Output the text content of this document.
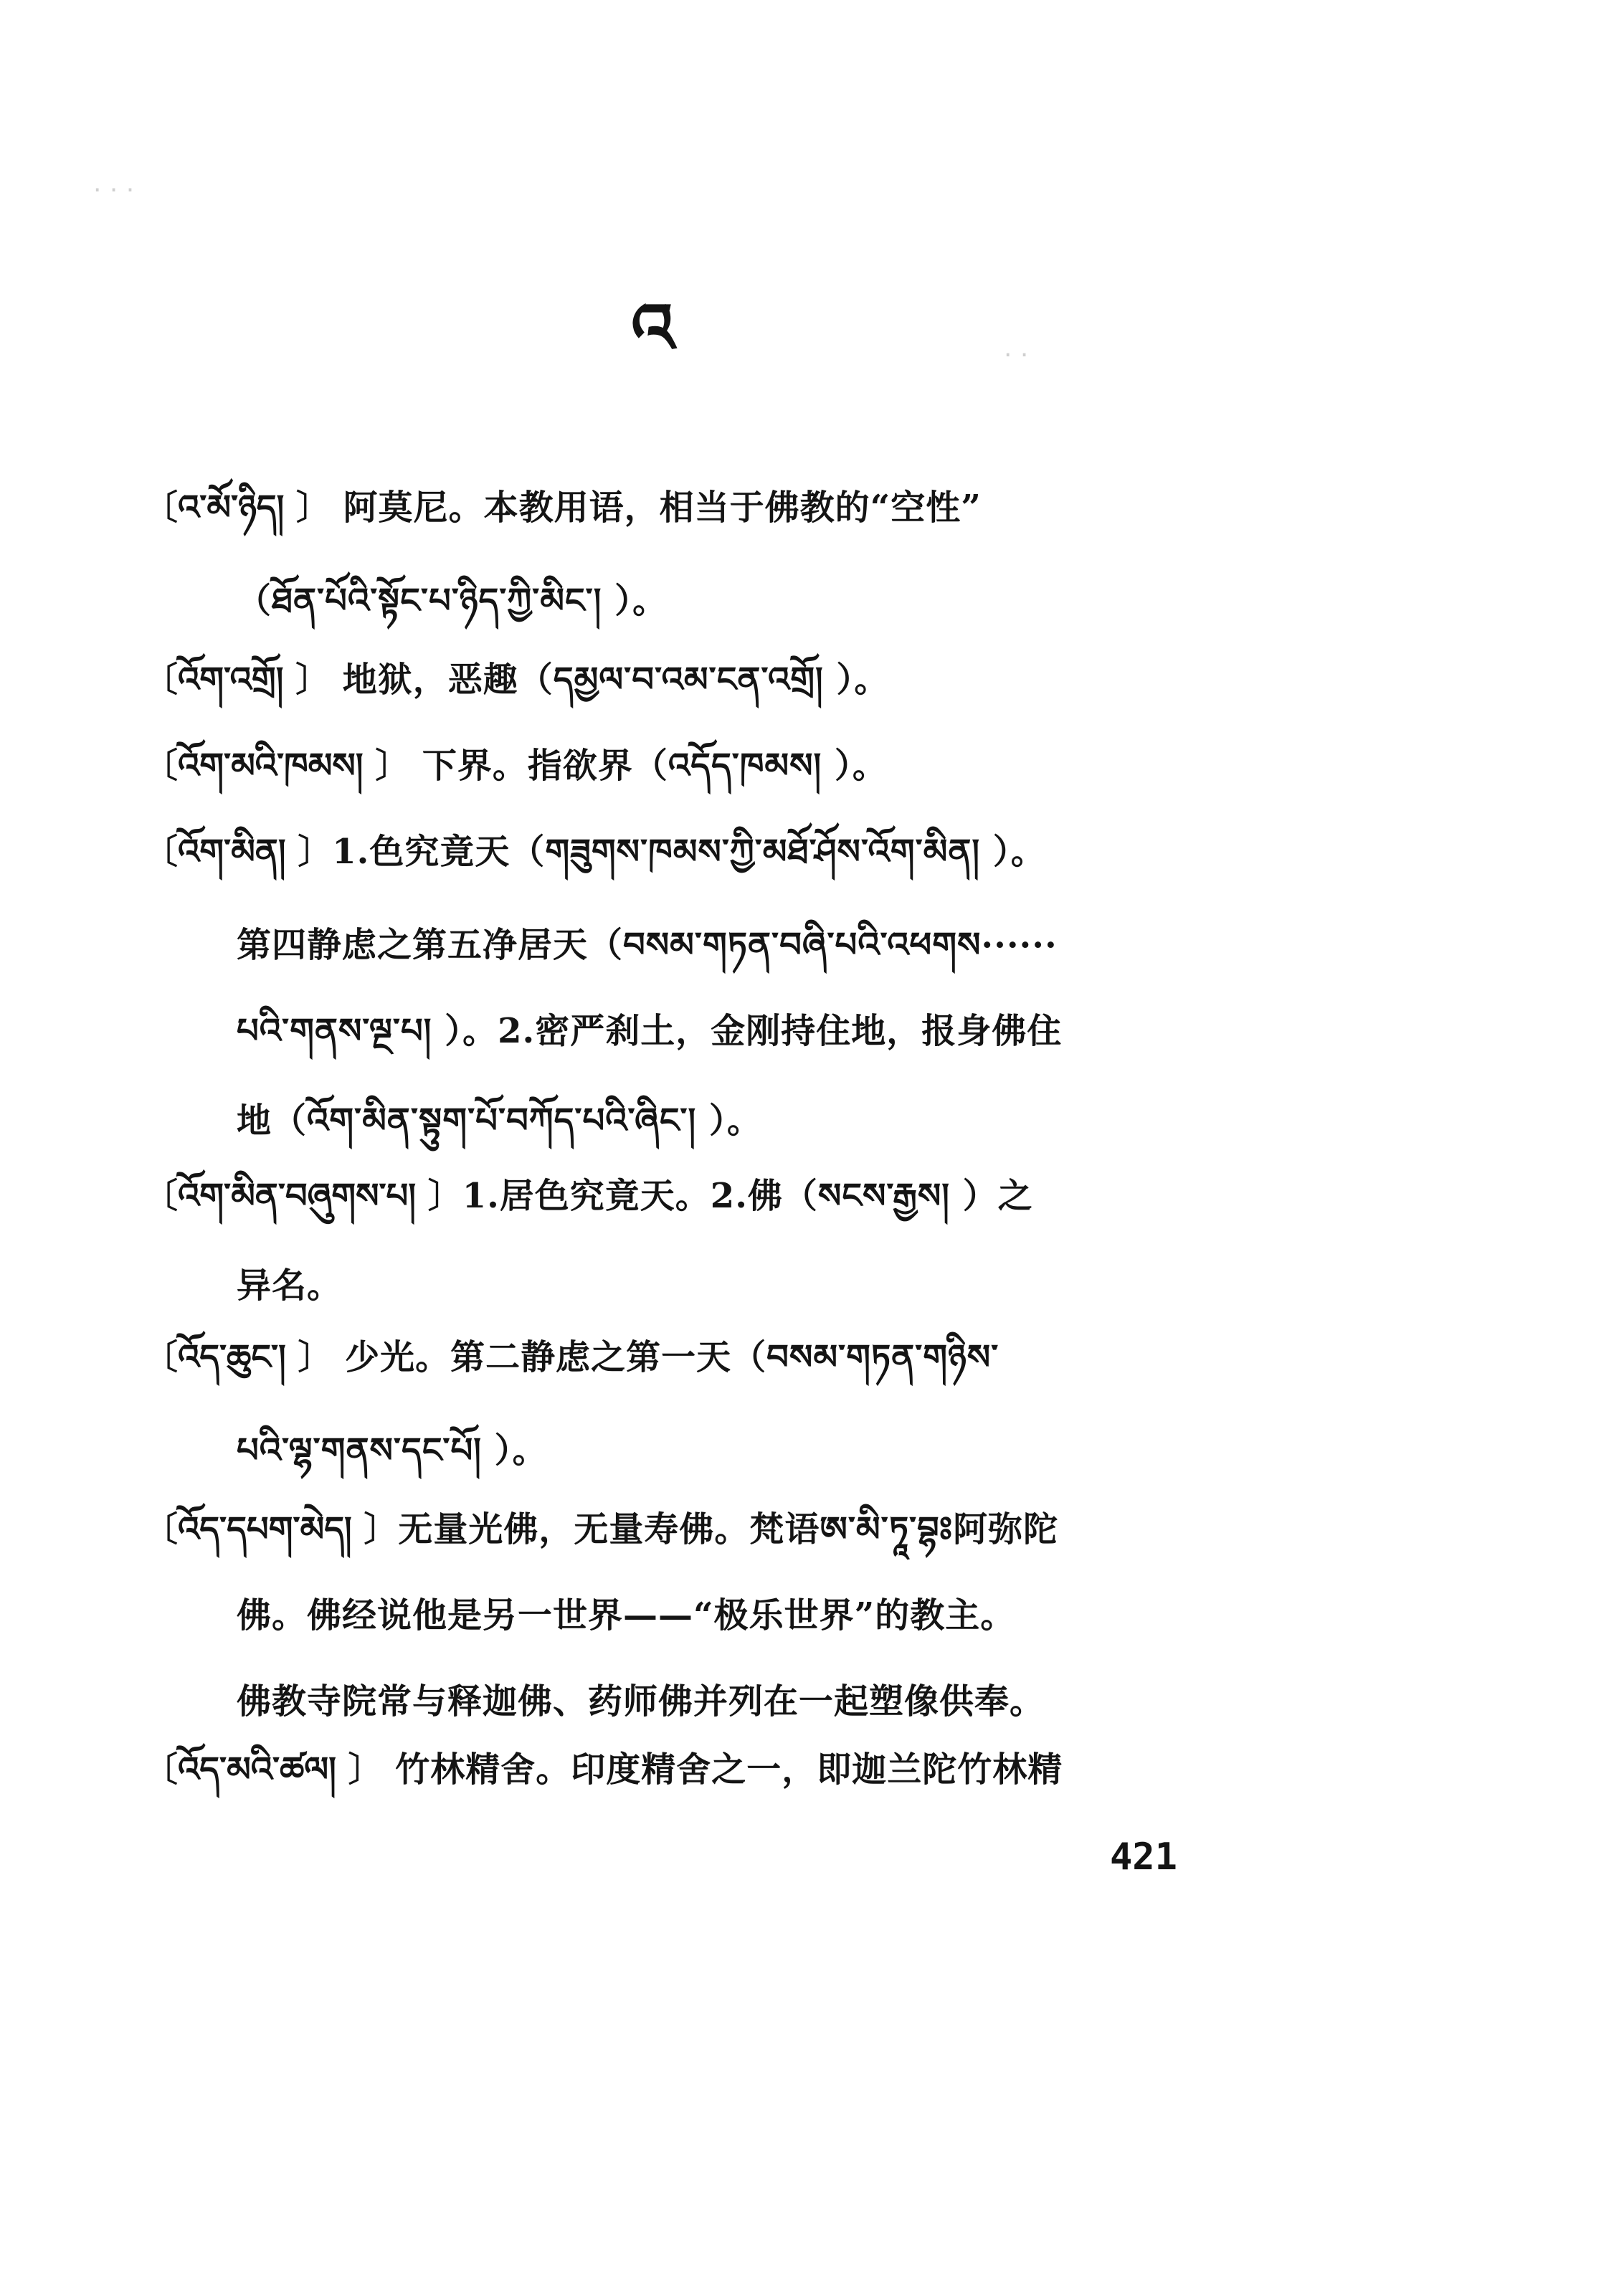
འ
· · ·
· ·
〔འ་མོ་ཉིད། 〕 阿莫尼。本教用语，相当于佛教的“空性”
（ཐོན་པོའི་སྟོང་པ་ཉིད་ཀྱི་མིང་། ）。
〔འོག་འགྲོ། 〕 地狱，恶趣（དམྱལ་བ་འམ་ངན་འགྲོ། ）。
〔འོག་མའི་ཁམས། 〕 下界。指欲界（འདོད་ཁམས། ）。
〔འོག་མིན། 〕1.色究竟天（གཟུགས་ཁམས་ཀྱི་མཐོ་ཤོས་འོག་མིན། ）。
第四静虑之第五净居天（བསམ་གཏན་བཞི་པའི་འཕགས······
པའི་གནས་ལྔ་པ། ）。2.密严刹土，金刚持住地，报身佛住
地（འོག་མིན་སྟུག་པོ་བཀོད་པའི་ཞིང་། ）。
〔འོག་མིན་བཞུགས་པ། 〕1.居色究竟天。2.佛（སངས་རྒྱས། ）之
异名。
〔འོད་ཆུང་། 〕 少光。第二静虑之第一天（བསམ་གཏན་གཉིས་
པའི་ལྷ་གནས་དང་པོ། ）。
〔འོད་དཔག་མེད། 〕无量光佛，无量寿佛。梵语ཨ་མི་ཏཱ་བྷཿ阿弥陀
佛。佛经说他是另一世界——“极乐世界”的教主。
佛教寺院常与释迦佛、药师佛并列在一起塑像供奉。
〔འོད་མའི་ཚལ། 〕 竹林精舍。印度精舍之一，即迦兰陀竹林精
421
